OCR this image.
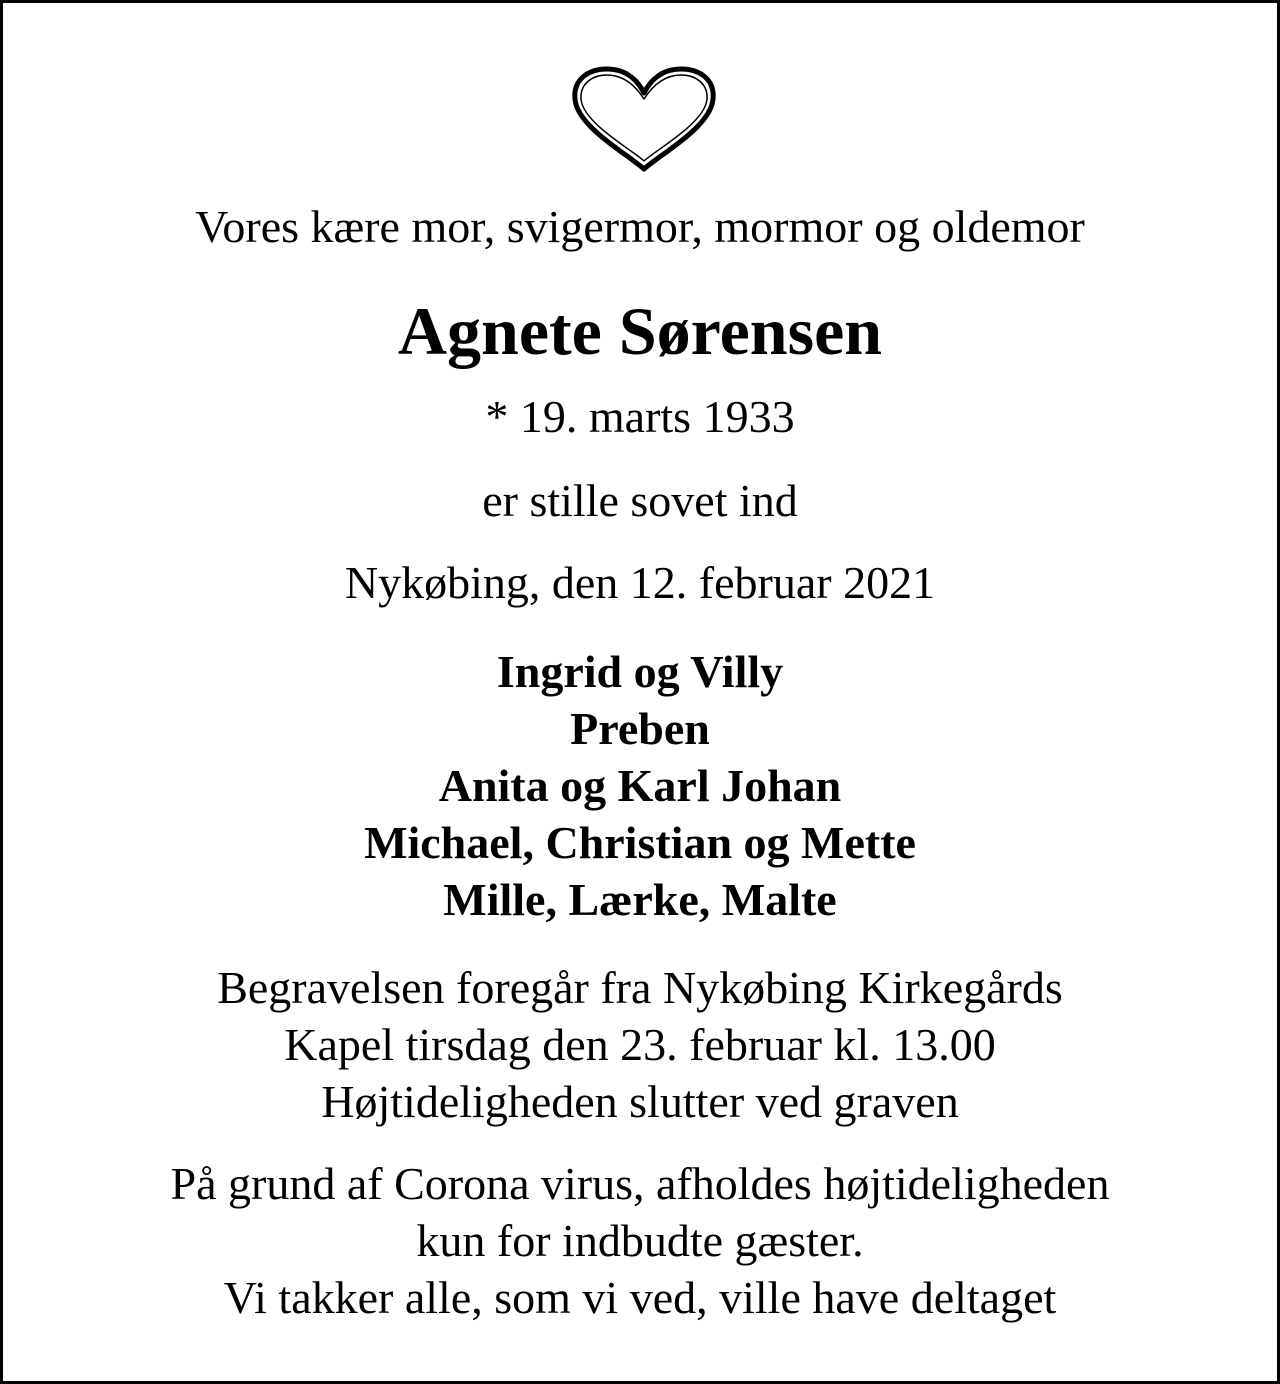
Vores kære mor, svigermor, mormor og oldemor
Agnete Sørensen
* 19. marts 1933
er stille sovet ind
Nykøbing, den 12. februar 2021
Ingrid og Villy
Preben
Anita og Karl Johan
Michael, Christian og Mette
Mille, Lærke, Malte
Begravelsen foregår fra Nykøbing Kirkegårds
Kapel tirsdag den 23. februar kl. 13.00
Højtideligheden slutter ved graven
På grund af Corona virus, afholdes højtideligheden
kun for indbudte gæster.
Vi takker alle, som vi ved, ville have deltaget
